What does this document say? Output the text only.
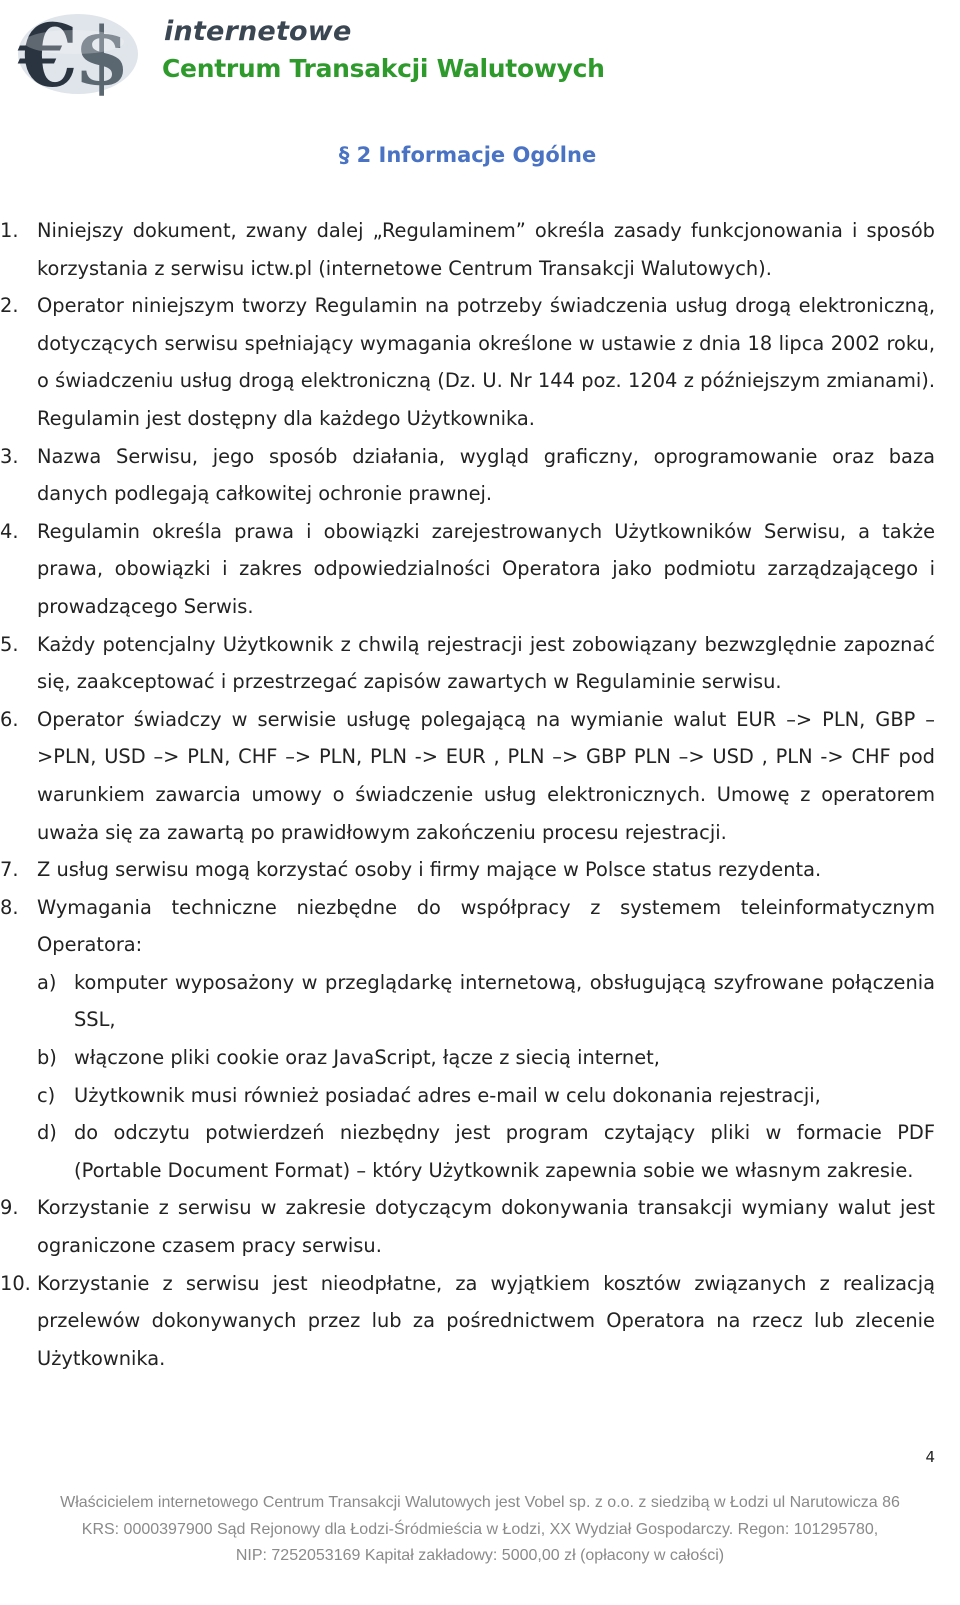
€
$ internetowe
Centrum Transakcji Walutowych
§ 2 Informacje Ogólne
1. Niniejszy dokument, zwany dalej „Regulaminem” określa zasady funkcjonowania i sposób korzystania z serwisu ictw.pl (internetowe Centrum Transakcji Walutowych).
2. Operator niniejszym tworzy Regulamin na potrzeby świadczenia usług drogą elektroniczną, dotyczących serwisu spełniający wymagania określone w ustawie z dnia 18 lipca 2002 roku, o świadczeniu usług drogą elektroniczną (Dz. U. Nr 144 poz. 1204 z późniejszym zmianami). Regulamin jest dostępny dla każdego Użytkownika.
3. Nazwa Serwisu, jego sposób działania, wygląd graficzny, oprogramowanie oraz baza danych podlegają całkowitej ochronie prawnej.
4. Regulamin określa prawa i obowiązki zarejestrowanych Użytkowników Serwisu, a także prawa, obowiązki i zakres odpowiedzialności Operatora jako podmiotu zarządzającego i prowadzącego Serwis.
5. Każdy potencjalny Użytkownik z chwilą rejestracji jest zobowiązany bezwzględnie zapoznać się, zaakceptować i przestrzegać zapisów zawartych w Regulaminie serwisu.
6. Operator świadczy w serwisie usługę polegającą na wymianie walut EUR –> PLN, GBP –>PLN, USD –> PLN, CHF –> PLN, PLN -> EUR , PLN –> GBP PLN –> USD , PLN -> CHF pod warunkiem zawarcia umowy o świadczenie usług elektronicznych. Umowę z operatorem uważa się za zawartą po prawidłowym zakończeniu procesu rejestracji.
7. Z usług serwisu mogą korzystać osoby i firmy mające w Polsce status rezydenta.
8. Wymagania techniczne niezbędne do współpracy z systemem teleinformatycznym Operatora:
a) komputer wyposażony w przeglądarkę internetową, obsługującą szyfrowane połączenia SSL,
b) włączone pliki cookie oraz JavaScript, łącze z siecią internet,
c) Użytkownik musi również posiadać adres e-mail w celu dokonania rejestracji,
d) do odczytu potwierdzeń niezbędny jest program czytający pliki w formacie PDF (Portable Document Format) – który Użytkownik zapewnia sobie we własnym zakresie.
9. Korzystanie z serwisu w zakresie dotyczącym dokonywania transakcji wymiany walut jest ograniczone czasem pracy serwisu.
10. Korzystanie z serwisu jest nieodpłatne, za wyjątkiem kosztów związanych z realizacją przelewów dokonywanych przez lub za pośrednictwem Operatora na rzecz lub zlecenie Użytkownika.
4
Właścicielem internetowego Centrum Transakcji Walutowych jest Vobel sp. z o.o. z siedzibą w Łodzi ul Narutowicza 86
KRS: 0000397900 Sąd Rejonowy dla Łodzi-Śródmieścia w Łodzi, XX Wydział Gospodarczy. Regon: 101295780,
NIP: 7252053169 Kapitał zakładowy: 5000,00 zł (opłacony w całości)
